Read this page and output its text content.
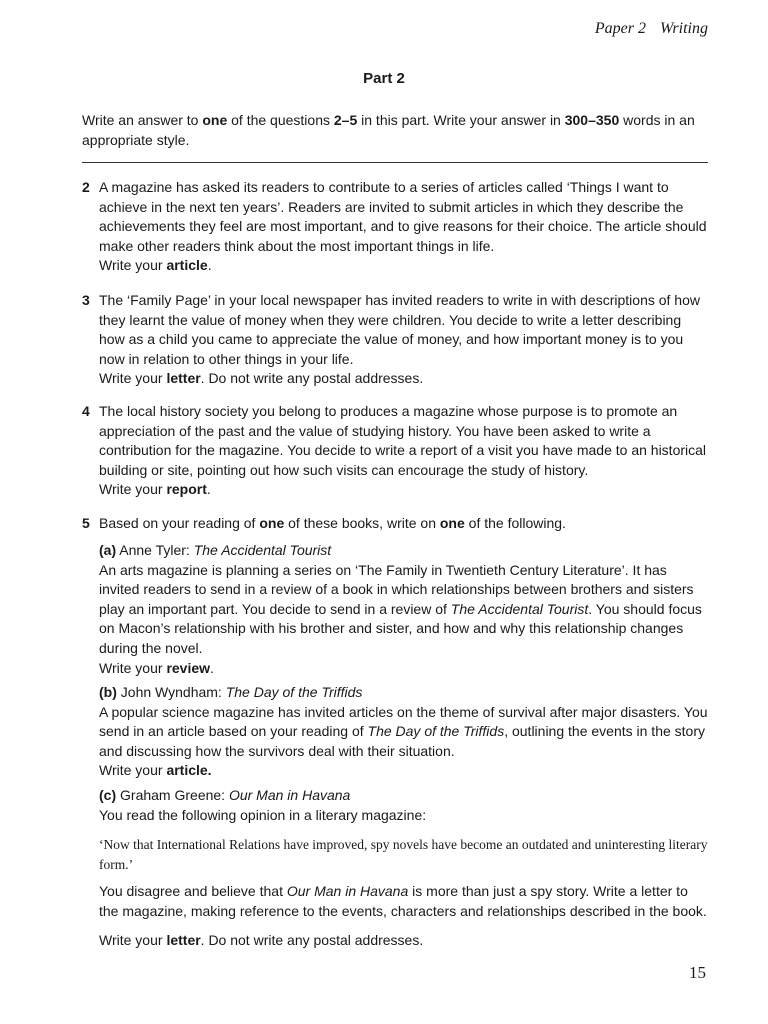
Paper 2 Writing
Part 2
Write an answer to one of the questions 2–5 in this part. Write your answer in 300–350 words in an appropriate style.
2 A magazine has asked its readers to contribute to a series of articles called ‘Things I want to achieve in the next ten years’. Readers are invited to submit articles in which they describe the achievements they feel are most important, and to give reasons for their choice. The article should make other readers think about the most important things in life.

Write your article.

3 The ‘Family Page’ in your local newspaper has invited readers to write in with descriptions of how they learnt the value of money when they were children. You decide to write a letter describing how as a child you came to appreciate the value of money, and how important money is to you now in relation to other things in your life.

Write your letter. Do not write any postal addresses.

4 The local history society you belong to produces a magazine whose purpose is to promote an appreciation of the past and the value of studying history. You have been asked to write a contribution for the magazine. You decide to write a report of a visit you have made to an historical building or site, pointing out how such visits can encourage the study of history.

Write your report.

5 Based on your reading of one of these books, write on one of the following.

(a) Anne Tyler: The Accidental Tourist

An arts magazine is planning a series on ‘The Family in Twentieth Century Literature’. It has invited readers to send in a review of a book in which relationships between brothers and sisters play an important part. You decide to send in a review of The Accidental Tourist. You should focus on Macon’s relationship with his brother and sister, and how and why this relationship changes during the novel.

Write your review.

(b) John Wyndham: The Day of the Triffids

A popular science magazine has invited articles on the theme of survival after major disasters. You send in an article based on your reading of The Day of the Triffids, outlining the events in the story and discussing how the survivors deal with their situation.

Write your article.

(c) Graham Greene: Our Man in Havana

You read the following opinion in a literary magazine:

‘Now that International Relations have improved, spy novels have become an outdated and uninteresting literary form.’

You disagree and believe that Our Man in Havana is more than just a spy story. Write a letter to the magazine, making reference to the events, characters and relationships described in the book.

Write your letter. Do not write any postal addresses.

15
